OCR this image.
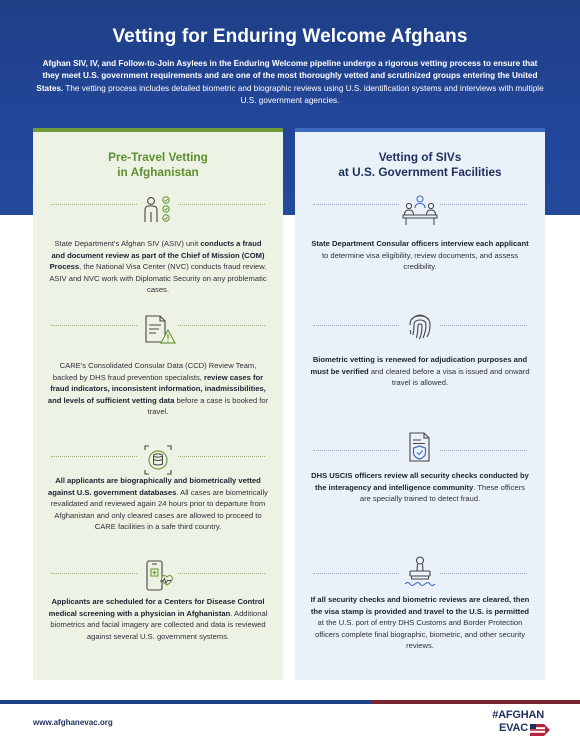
Vetting for Enduring Welcome Afghans
Afghan SIV, IV, and Follow-to-Join Asylees in the Enduring Welcome pipeline undergo a rigorous vetting process to ensure that they meet U.S. government requirements and are one of the most thoroughly vetted and scrutinized groups entering the United States. The vetting process includes detailed biometric and biographic reviews using U.S. identification systems and interviews with multiple U.S. government agencies.
Pre-Travel Vetting
in Afghanistan
State Department's Afghan SIV (ASIV) unit conducts a fraud and document review as part of the Chief of Mission (COM) Process, the National Visa Center (NVC) conducts fraud review. ASIV and NVC work with Diplomatic Security on any problematic cases.
CARE's Consolidated Consular Data (CCD) Review Team, backed by DHS fraud prevention specialists, review cases for fraud indicators, inconsistent information, inadmissibilities, and levels of sufficient vetting data before a case is booked for travel.
All applicants are biographically and biometrically vetted against U.S. government databases. All cases are biometrically revalidated and reviewed again 24 hours prior to departure from Afghanistan and only cleared cases are allowed to proceed to CARE facilities in a safe third country.
Applicants are scheduled for a Centers for Disease Control medical screening with a physician in Afghanistan. Additional biometrics and facial imagery are collected and data is reviewed against several U.S. government systems.
Vetting of SIVs
at U.S. Government Facilities
State Department Consular officers interview each applicant to determine visa eligibility, review documents, and assess credibility.
Biometric vetting is renewed for adjudication purposes and must be verified and cleared before a visa is issued and onward travel is allowed.
DHS USCIS officers review all security checks conducted by the interagency and intelligence community. These officers are specially trained to detect fraud.
If all security checks and biometric reviews are cleared, then the visa stamp is provided and travel to the U.S. is permitted at the U.S. port of entry DHS Customs and Border Protection officers complete final biographic, biometric, and other security reviews.
www.afghanevac.org
#AFGHAN
EVAC
